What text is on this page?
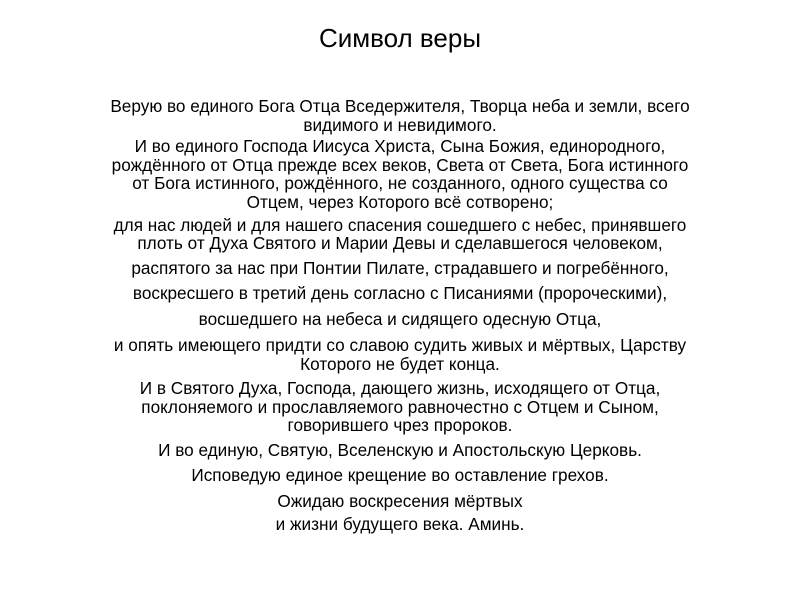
Символ веры

Верую во единого Бога Отца Вседержителя, Творца неба и земли, всего
видимого и невидимого.

И во единого Господа Иисуса Христа, Сына Божия, единородного,
рождённого от Отца прежде всех веков, Света от Света, Бога истинного
от Бога истинного, рождённого, не созданного, одного существа со
Отцем, через Которого всё сотворено;

для нас людей и для нашего спасения сошедшего с небес, принявшего
плоть от Духа Святого и Марии Девы и сделавшегося человеком,

распятого за нас при Понтии Пилате, страдавшего и погребённого,

воскресшего в третий день согласно с Писаниями (пророческими),

восшедшего на небеса и сидящего одесную Отца,

и опять имеющего придти со славою судить живых и мёртвых, Царству
Которого не будет конца.

И в Святого Духа, Господа, дающего жизнь, исходящего от Отца,
поклоняемого и прославляемого равночестно с Отцем и Сыном,
говорившего чрез пророков.

И во единую, Святую, Вселенскую и Апостольскую Церковь.

Исповедую единое крещение во оставление грехов.

Ожидаю воскресения мёртвых

и жизни будущего века. Аминь.
